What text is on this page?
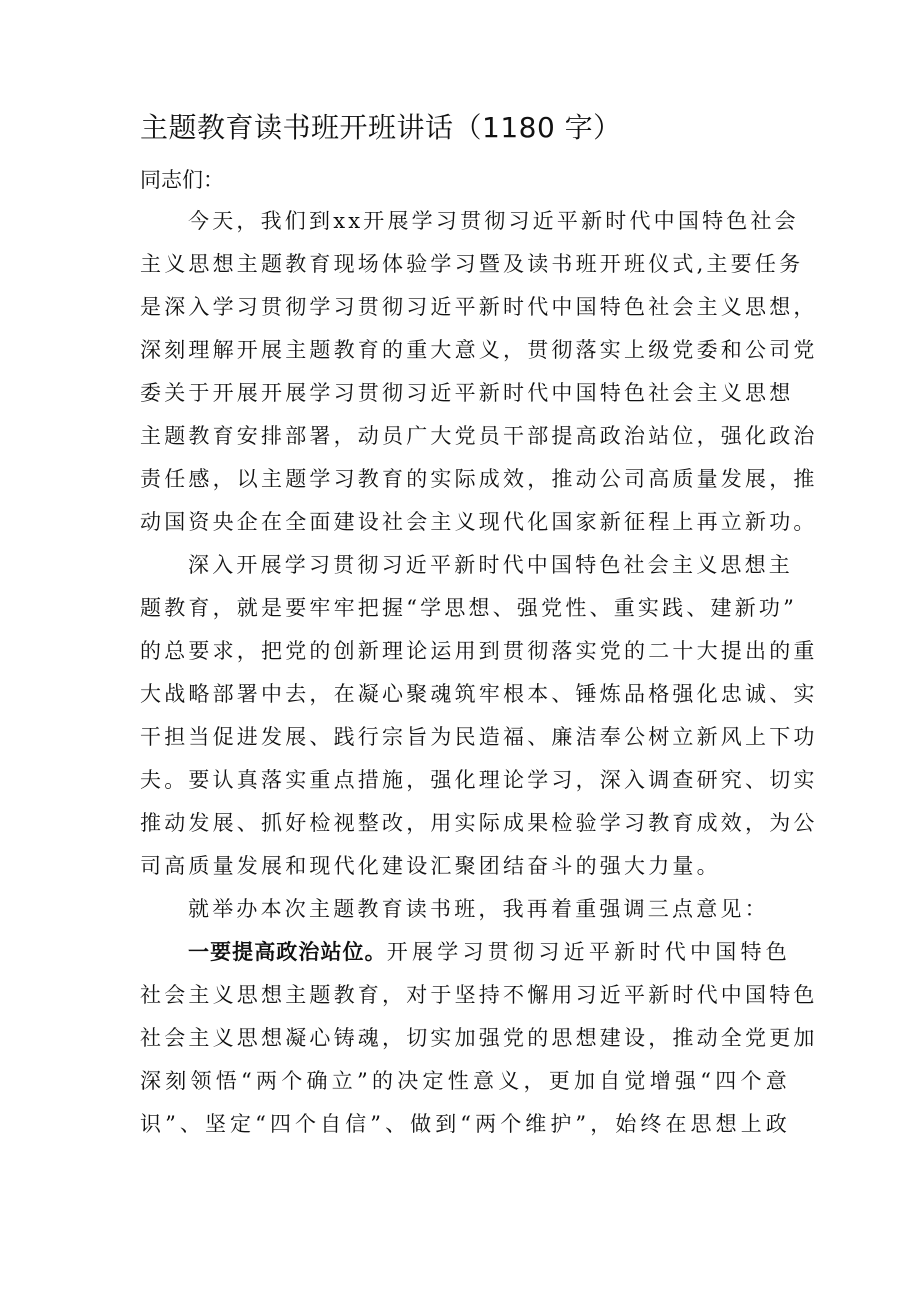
主题教育读书班开班讲话（1180 字）
同志们：
今天，我们到xx开展学习贯彻习近平新时代中国特色社会
主义思想主题教育现场体验学习暨及读书班开班仪式,主要任务
是深入学习贯彻学习贯彻习近平新时代中国特色社会主义思想，
深刻理解开展主题教育的重大意义，贯彻落实上级党委和公司党
委关于开展开展学习贯彻习近平新时代中国特色社会主义思想
主题教育安排部署，动员广大党员干部提高政治站位，强化政治
责任感，以主题学习教育的实际成效，推动公司高质量发展，推
动国资央企在全面建设社会主义现代化国家新征程上再立新功。
深入开展学习贯彻习近平新时代中国特色社会主义思想主
题教育，就是要牢牢把握“学思想、强党性、重实践、建新功”
的总要求，把党的创新理论运用到贯彻落实党的二十大提出的重
大战略部署中去，在凝心聚魂筑牢根本、锤炼品格强化忠诚、实
干担当促进发展、践行宗旨为民造福、廉洁奉公树立新风上下功
夫。要认真落实重点措施，强化理论学习，深入调查研究、切实
推动发展、抓好检视整改，用实际成果检验学习教育成效，为公
司高质量发展和现代化建设汇聚团结奋斗的强大力量。
就举办本次主题教育读书班，我再着重强调三点意见：
一要提高政治站位。开展学习贯彻习近平新时代中国特色
社会主义思想主题教育，对于坚持不懈用习近平新时代中国特色
社会主义思想凝心铸魂，切实加强党的思想建设，推动全党更加
深刻领悟“两个确立”的决定性意义，更加自觉增强“四个意
识”、坚定“四个自信”、做到“两个维护”，始终在思想上政
